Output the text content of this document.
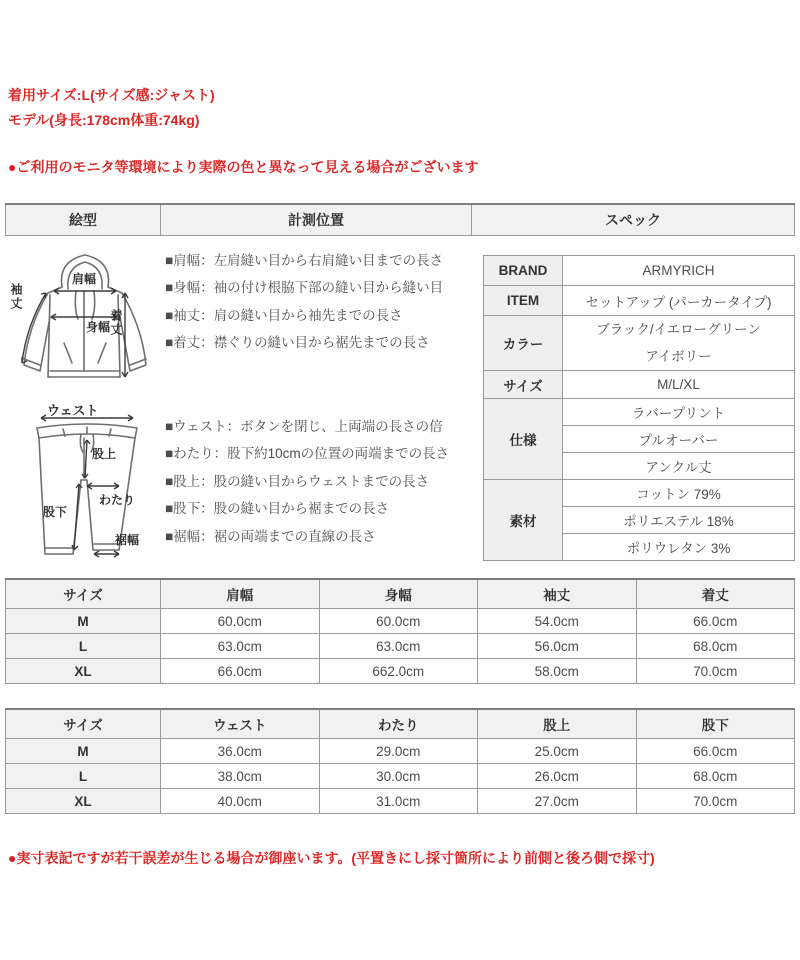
着用サイズ:L(サイズ感:ジャスト)
モデル(身長:178cm体重:74kg)
●ご利用のモニタ等環境により実際の色と異なって見える場合がございます
絵型	計測位置	スペック
袖丈
肩幅
身幅
着丈
ウェスト
股上
わたり
股下
裾幅
■肩幅：左肩縫い目から右肩縫い目までの長さ
■身幅：袖の付け根脇下部の縫い目から縫い目
■袖丈：肩の縫い目から袖先までの長さ
■着丈：襟ぐりの縫い目から裾先までの長さ
■ウェスト：ボタンを閉じ、上両端の長さの倍
■わたり：股下約10cmの位置の両端までの長さ
■股上：股の縫い目からウェストまでの長さ
■股下：股の縫い目から裾までの長さ
■裾幅：裾の両端までの直線の長さ
BRAND	ARMYRICH
ITEM	セットアップ (パーカータイプ)
カラー	ブラック/イエローグリーン
アイボリー

サイズ	M/L/XL
仕様	ラバープリント
	プルオーバー
	アンクル丈
素材	コットン 79%
	ポリエステル 18%
	ポリウレタン 3%
サイズ	肩幅	身幅	袖丈	着丈
M	60.0cm	60.0cm	54.0cm	66.0cm
L	63.0cm	63.0cm	56.0cm	68.0cm
XL	66.0cm	662.0cm	58.0cm	70.0cm
サイズ	ウェスト	わたり	股上	股下
M	36.0cm	29.0cm	25.0cm	66.0cm
L	38.0cm	30.0cm	26.0cm	68.0cm
XL	40.0cm	31.0cm	27.0cm	70.0cm
●実寸表記ですが若干誤差が生じる場合が御座います。(平置きにし採寸箇所により前側と後ろ側で採寸)
